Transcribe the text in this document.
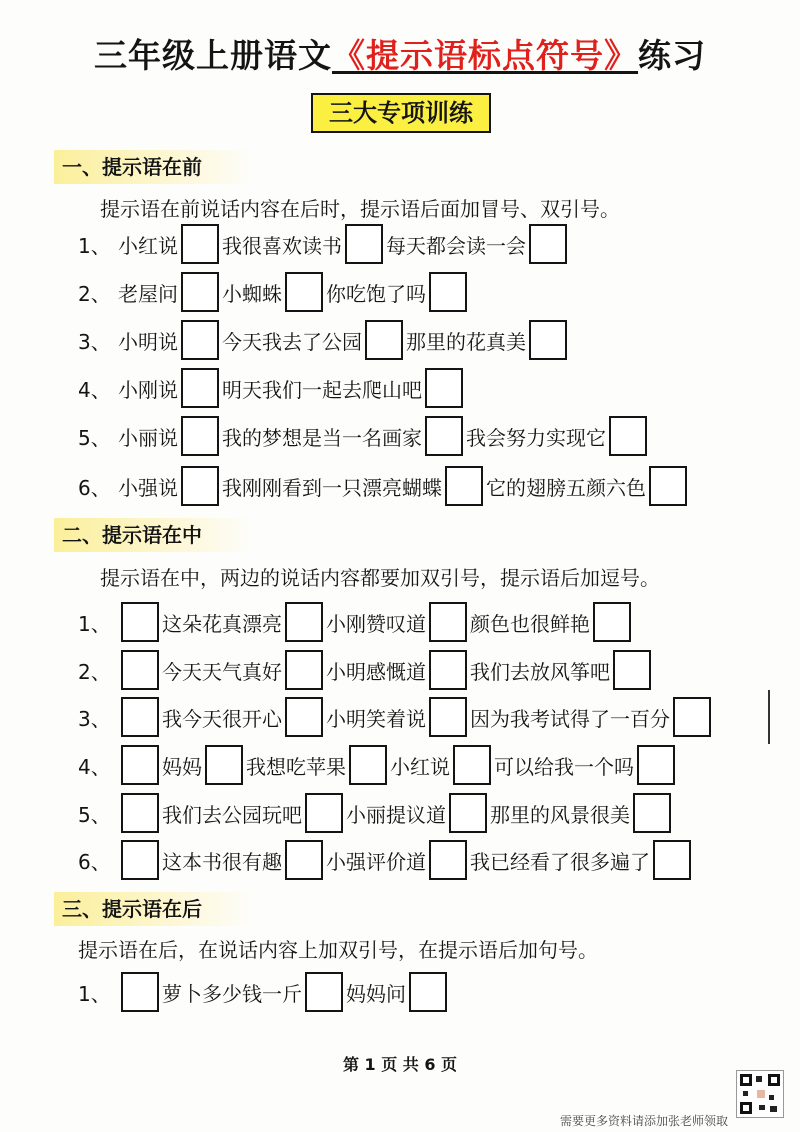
三年级上册语文《提示语标点符号》练习
三大专项训练
一、提示语在前
提示语在前说话内容在后时，提示语后面加冒号、双引号。
二、提示语在中
提示语在中，两边的说话内容都要加双引号，提示语后加逗号。
三、提示语在后
提示语在后，在说话内容上加双引号，在提示语后加句号。
1、 小红说 我很喜欢读书 每天都会读一会
2、 老屋问 小蜘蛛 你吃饱了吗
3、 小明说 今天我去了公园 那里的花真美
4、 小刚说 明天我们一起去爬山吧
5、 小丽说 我的梦想是当一名画家 我会努力实现它
6、 小强说 我刚刚看到一只漂亮蝴蝶 它的翅膀五颜六色
1、	这朵花真漂亮 小刚赞叹道 颜色也很鲜艳
2、	今天天气真好 小明感慨道 我们去放风筝吧
3、	我今天很开心 小明笑着说 因为我考试得了一百分
4、	妈妈 我想吃苹果 小红说 可以给我一个吗
5、	我们去公园玩吧 小丽提议道 那里的风景很美
6、	这本书很有趣 小强评价道 我已经看了很多遍了
1、	萝卜多少钱一斤 妈妈问
第 1 页 共 6 页
需要更多资料请添加张老师领取
